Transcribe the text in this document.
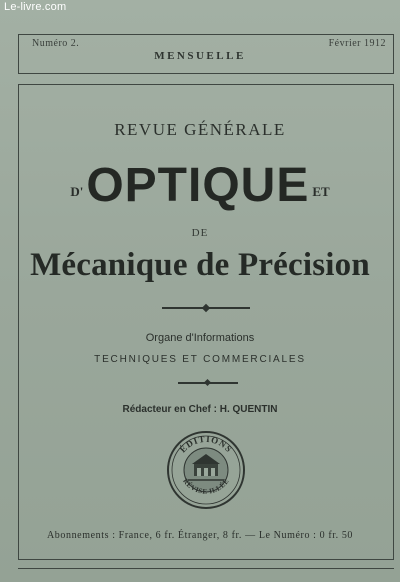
Le-livre.com
Numéro 2.	Février 1912
MENSUELLE
REVUE GÉNÉRALE
D' OPTIQUE ET
DE
Mécanique de Précision
Organe d'Informations
TECHNIQUES ET COMMERCIALES
Rédacteur en Chef : H. QUENTIN
ÉDITIONS
RÉVISE ILLÉE
Abonnements : France, 6 fr. Étranger, 8 fr. — Le Numéro : 0 fr. 50
